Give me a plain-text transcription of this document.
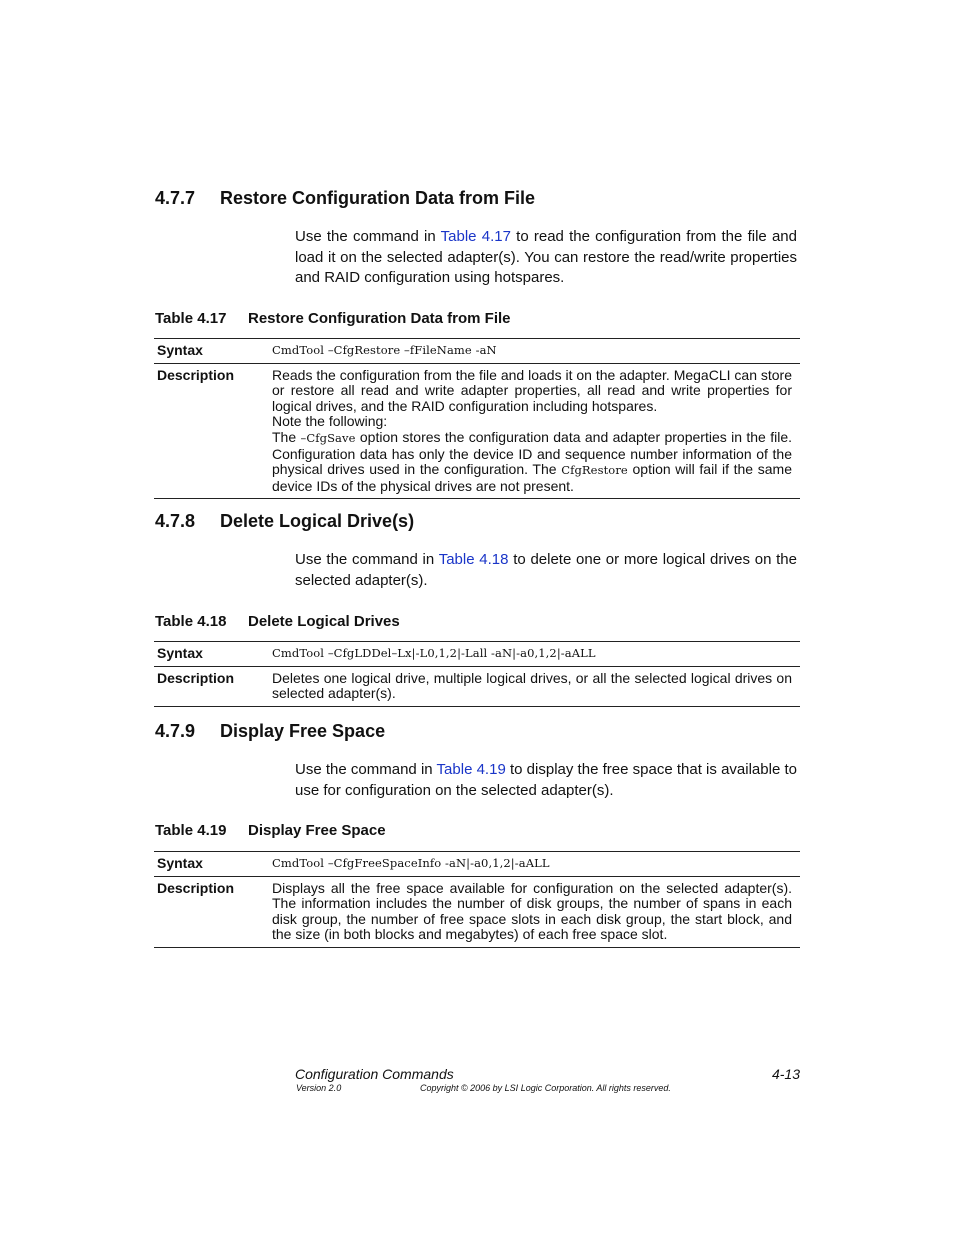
4.7.7 Restore Configuration Data from File

Use the command in Table 4.17 to read the configuration from the file and load it on the selected adapter(s). You can restore the read/write properties and RAID configuration using hotspares.

Table 4.17 Restore Configuration Data from File
Syntax	CmdTool –CfgRestore –fFileName -aN
Description	Reads the configuration from the file and loads it on the adapter. MegaCLI can store or restore all read and write adapter properties, all read and write properties for logical drives, and the RAID configuration including hotspares.
Note the following:
The –CfgSave option stores the configuration data and adapter properties in the file. Configuration data has only the device ID and sequence number information of the physical drives used in the configuration. The CfgRestore option will fail if the same device IDs of the physical drives are not present.
4.7.8 Delete Logical Drive(s)

Use the command in Table 4.18 to delete one or more logical drives on the selected adapter(s).

Table 4.18 Delete Logical Drives
Syntax	CmdTool –CfgLDDel–Lx|-L0,1,2|-Lall -aN|-a0,1,2|-aALL
Description	Deletes one logical drive, multiple logical drives, or all the selected logical drives on selected adapter(s).
4.7.9 Display Free Space

Use the command in Table 4.19 to display the free space that is available to use for configuration on the selected adapter(s).

Table 4.19 Display Free Space
Syntax	CmdTool –CfgFreeSpaceInfo -aN|-a0,1,2|-aALL
Description	Displays all the free space available for configuration on the selected adapter(s). The information includes the number of disk groups, the number of spans in each disk group, the number of free space slots in each disk group, the start block, and the size (in both blocks and megabytes) of each free space slot.
Configuration Commands	4-13
Version 2.0	Copyright © 2006 by LSI Logic Corporation. All rights reserved.
